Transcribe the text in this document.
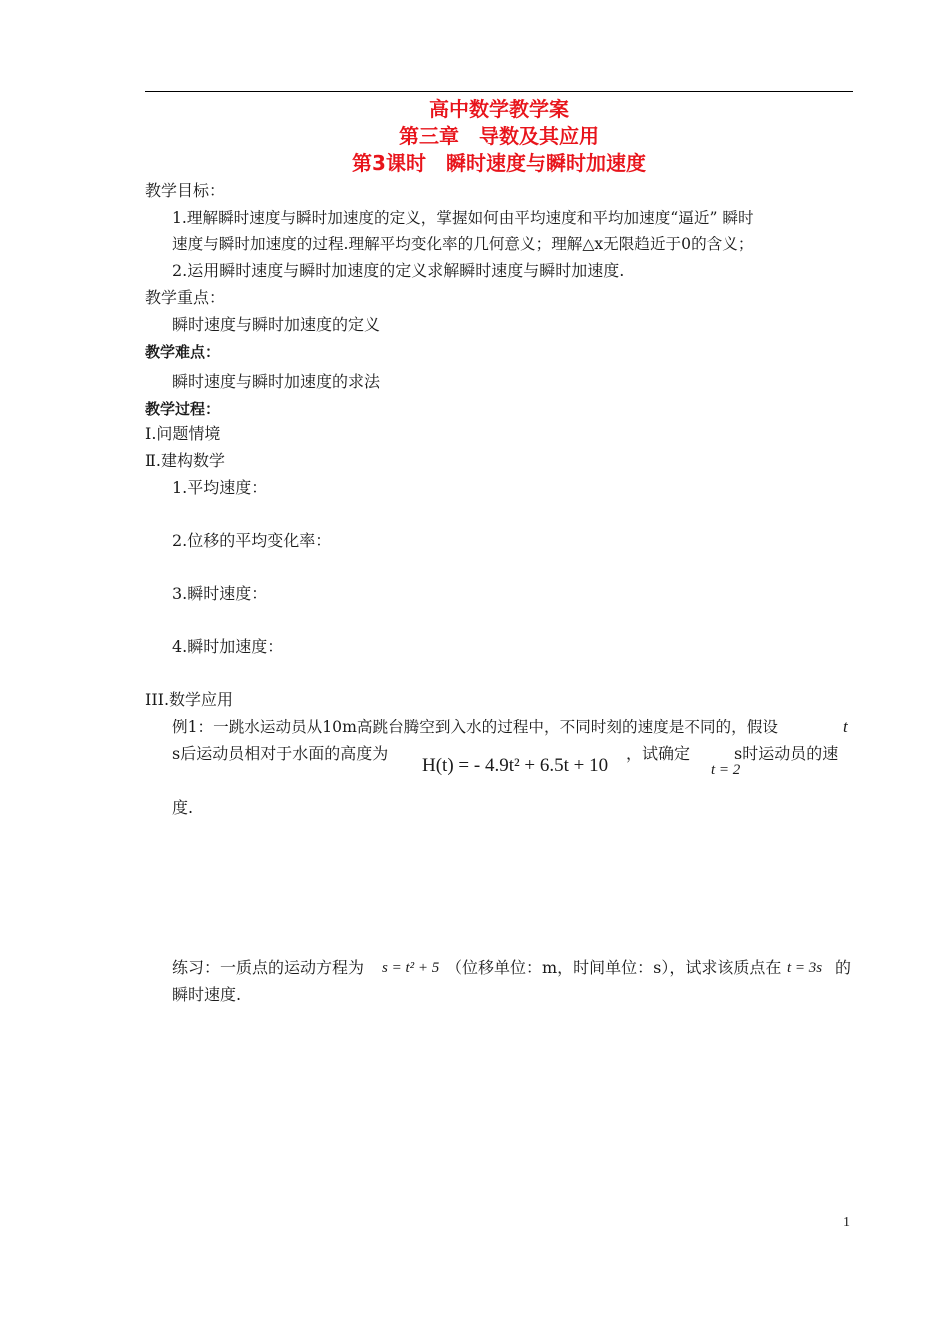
高中数学教学案
第三章　导数及其应用
第3课时　瞬时速度与瞬时加速度
教学目标：
1.理解瞬时速度与瞬时加速度的定义，掌握如何由平均速度和平均加速度“逼近” 瞬时
速度与瞬时加速度的过程.理解平均变化率的几何意义；理解△x无限趋近于0的含义；
2.运用瞬时速度与瞬时加速度的定义求解瞬时速度与瞬时加速度.
教学重点：
瞬时速度与瞬时加速度的定义
教学难点：
瞬时速度与瞬时加速度的求法
教学过程：
Ⅰ.问题情境
Ⅱ.建构数学
1.平均速度：
2.位移的平均变化率：
3.瞬时速度：
4.瞬时加速度：
III.数学应用
例1：一跳水运动员从10m高跳台腾空到入水的过程中，不同时刻的速度是不同的，假设	t
s后运动员相对于水面的高度为
H(t) = - 4.9t² + 6.5t + 10
，试确定
t = 2
s时运动员的速
度.
练习：一质点的运动方程为 s = t² + 5 （位移单位：m，时间单位：s），试求该质点在 t = 3s 的
瞬时速度.
1
